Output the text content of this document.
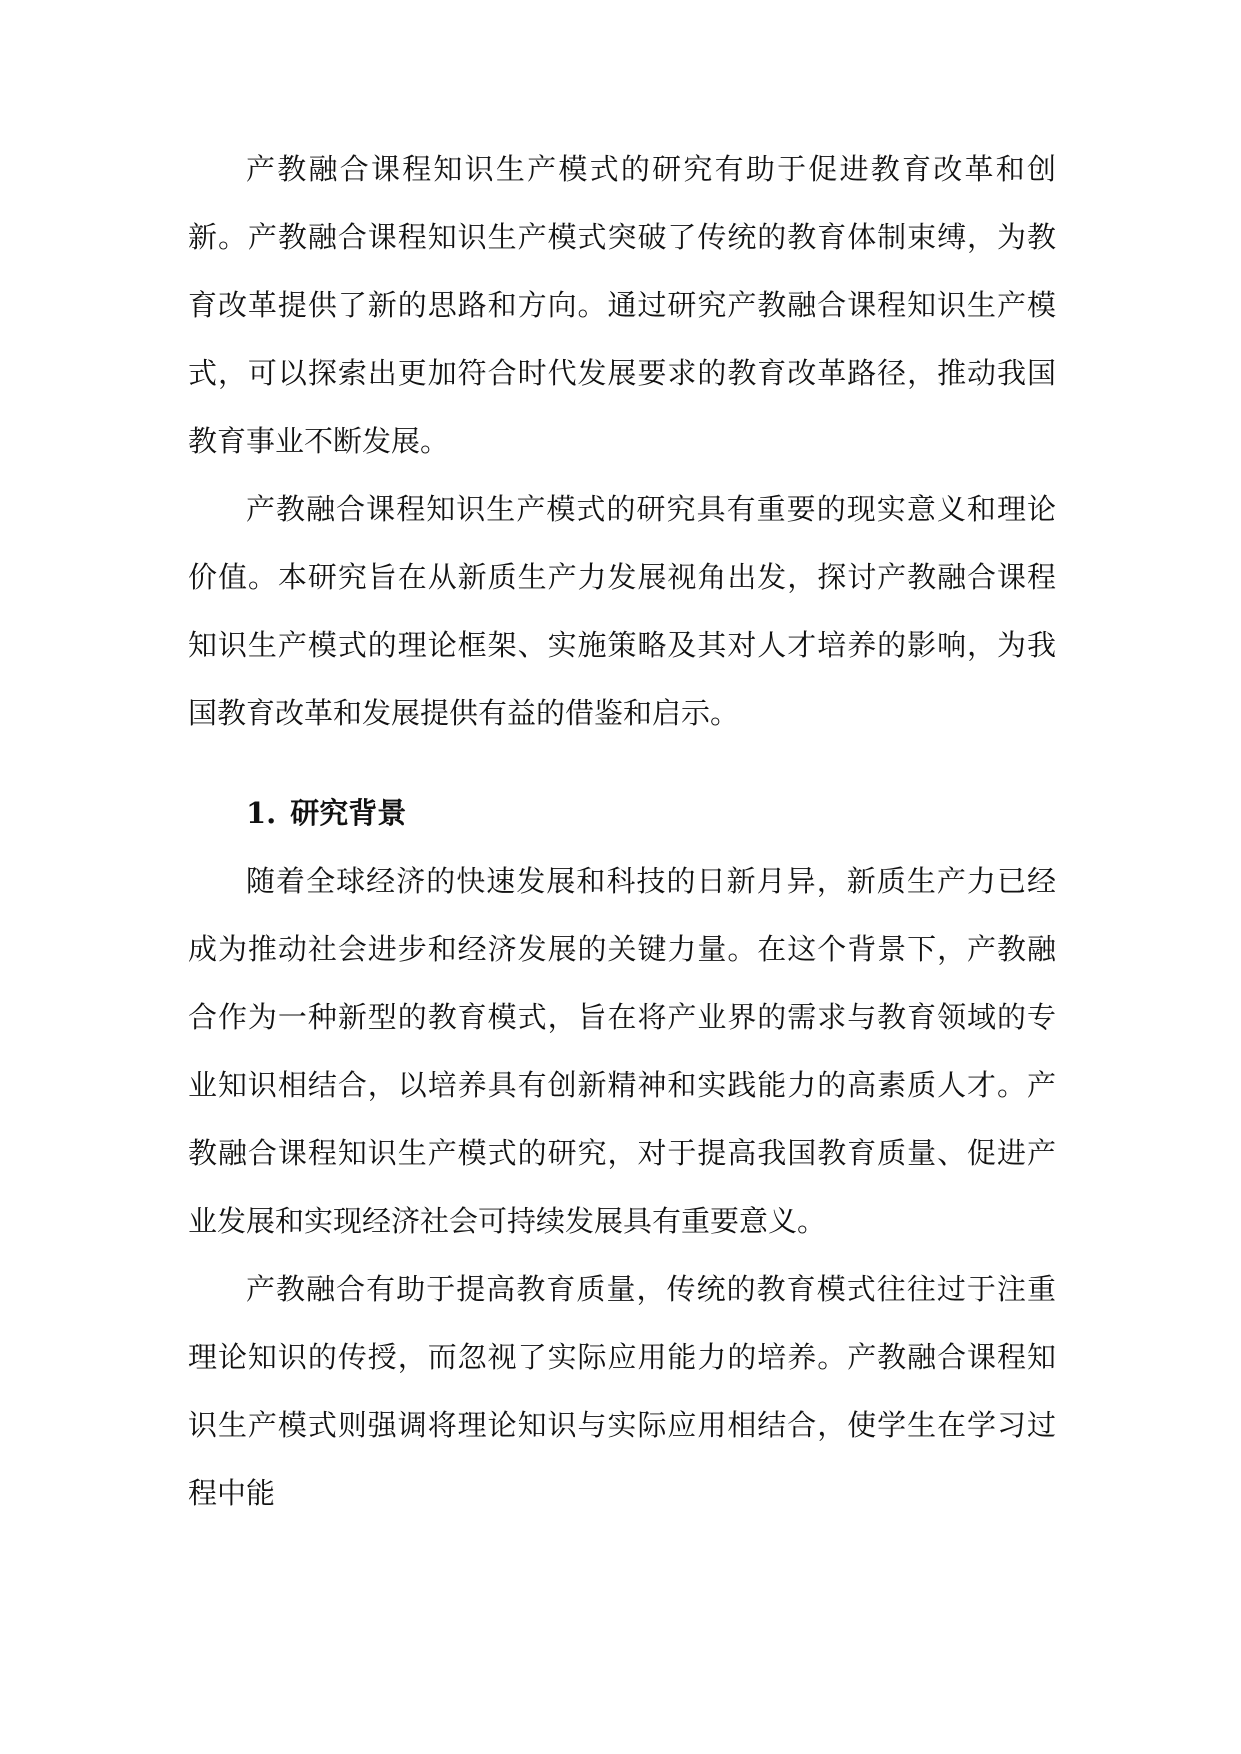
产教融合课程知识生产模式的研究有助于促进教育改革和创新。产教融合课程知识生产模式突破了传统的教育体制束缚，为教育改革提供了新的思路和方向。通过研究产教融合课程知识生产模式，可以探索出更加符合时代发展要求的教育改革路径，推动我国教育事业不断发展。

产教融合课程知识生产模式的研究具有重要的现实意义和理论价值。本研究旨在从新质生产力发展视角出发，探讨产教融合课程知识生产模式的理论框架、实施策略及其对人才培养的影响，为我国教育改革和发展提供有益的借鉴和启示。

1. 研究背景

随着全球经济的快速发展和科技的日新月异，新质生产力已经成为推动社会进步和经济发展的关键力量。在这个背景下，产教融合作为一种新型的教育模式，旨在将产业界的需求与教育领域的专业知识相结合，以培养具有创新精神和实践能力的高素质人才。产教融合课程知识生产模式的研究，对于提高我国教育质量、促进产业发展和实现经济社会可持续发展具有重要意义。

产教融合有助于提高教育质量，传统的教育模式往往过于注重理论知识的传授，而忽视了实际应用能力的培养。产教融合课程知识生产模式则强调将理论知识与实际应用相结合，使学生在学习过程中能
